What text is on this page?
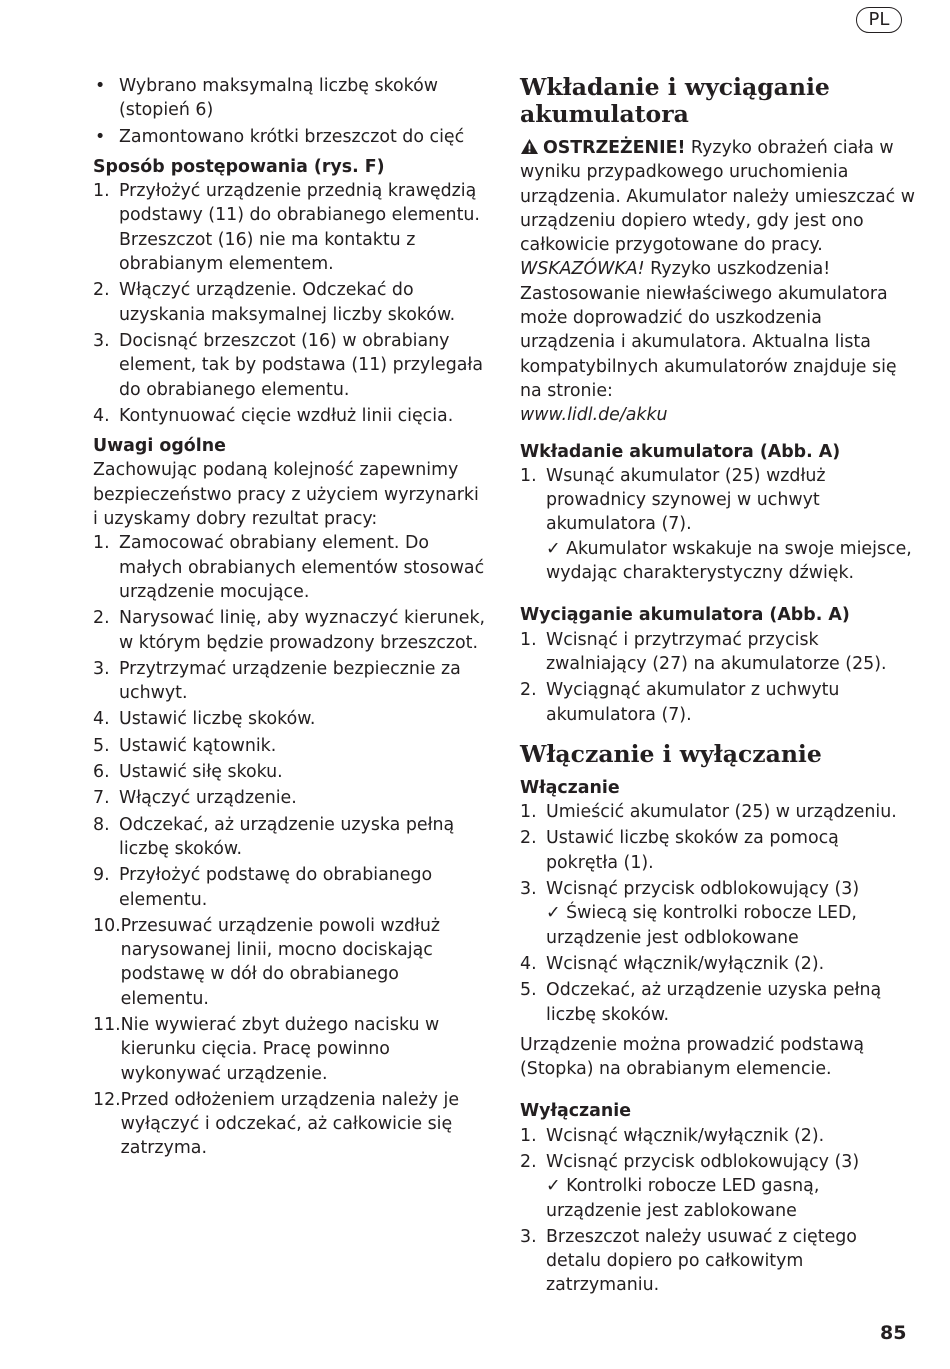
PL
• Wybrano maksymalną liczbę skoków (stopień 6)
• Zamontowano krótki brzeszczot do cięć

Sposób postępowania (rys. F)

1. Przyłożyć urządzenie przednią krawędzią podstawy (11) do obrabianego elementu. Brzeszczot (16) nie ma kontaktu z obrabianym elementem.
2. Włączyć urządzenie. Odczekać do uzyskania maksymalnej liczby skoków.
3. Docisnąć brzeszczot (16) w obrabiany element, tak by podstawa (11) przylegała do obrabianego elementu.
4. Kontynuować cięcie wzdłuż linii cięcia.

Uwagi ogólne

Zachowując podaną kolejność zapewnimy bezpieczeństwo pracy z użyciem wyrzynarki i uzyskamy dobry rezultat pracy:

1. Zamocować obrabiany element. Do małych obrabianych elementów stosować urządzenie mocujące.
2. Narysować linię, aby wyznaczyć kierunek, w którym będzie prowadzony brzeszczot.
3. Przytrzymać urządzenie bezpiecznie za uchwyt.
4. Ustawić liczbę skoków.
5. Ustawić kątownik.
6. Ustawić siłę skoku.
7. Włączyć urządzenie.
8. Odczekać, aż urządzenie uzyska pełną liczbę skoków.
9. Przyłożyć podstawę do obrabianego elementu.
10. Przesuwać urządzenie powoli wzdłuż narysowanej linii, mocno dociskając podstawę w dół do obrabianego elementu.
11. Nie wywierać zbyt dużego nacisku w kierunku cięcia. Pracę powinno wykonywać urządzenie.
12. Przed odłożeniem urządzenia należy je wyłączyć i odczekać, aż całkowicie się zatrzyma.
Wkładanie i wyciąganie akumulatora

OSTRZEŻENIE! Ryzyko obrażeń ciała w wyniku przypadkowego uruchomienia urządzenia. Akumulator należy umieszczać w urządzeniu dopiero wtedy, gdy jest ono całkowicie przygotowane do pracy.

WSKAZÓWKA! Ryzyko uszkodzenia! Zastosowanie niewłaściwego akumulatora może doprowadzić do uszkodzenia urządzenia i akumulatora. Aktualna lista kompatybilnych akumulatorów znajduje się na stronie:
www.lidl.de/akku

Wkładanie akumulatora (Abb. A)

1. Wsunąć akumulator (25) wzdłuż prowadnicy szynowej w uchwyt akumulatora (7).
✓ Akumulator wskakuje na swoje miejsce, wydając charakterystyczny dźwięk.

Wyciąganie akumulatora (Abb. A)

1. Wcisnąć i przytrzymać przycisk zwalniający (27) na akumulatorze (25).
2. Wyciągnąć akumulator z uchwytu akumulatora (7).
Włączanie i wyłączanie

Włączanie

1. Umieścić akumulator (25) w urządzeniu.
2. Ustawić liczbę skoków za pomocą pokrętła (1).
3. Wcisnąć przycisk odblokowujący (3)
✓ Świecą się kontrolki robocze LED, urządzenie jest odblokowane
4. Wcisnąć włącznik/wyłącznik (2).
5. Odczekać, aż urządzenie uzyska pełną liczbę skoków.

Urządzenie można prowadzić podstawą (Stopka) na obrabianym elemencie.

Wyłączanie

1. Wcisnąć włącznik/wyłącznik (2).
2. Wcisnąć przycisk odblokowujący (3)
✓ Kontrolki robocze LED gasną, urządzenie jest zablokowane
3. Brzeszczot należy usuwać z ciętego detalu dopiero po całkowitym zatrzymaniu.
85
